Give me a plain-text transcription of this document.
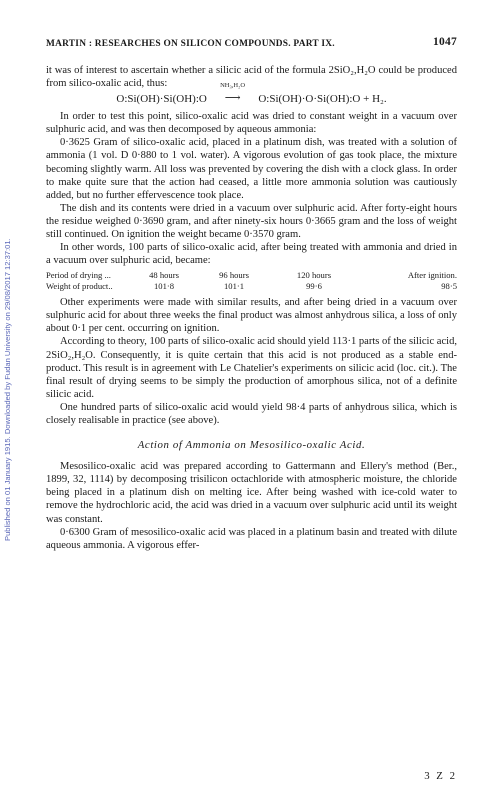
Published on 01 January 1915. Downloaded by Fudan University on 29/08/2017 12:37:01.
MARTIN : RESEARCHES ON SILICON COMPOUNDS. PART IX.	1047

it was of interest to ascertain whether a silicic acid of the formula 2SiO₂,H₂O could be produced from silico-oxalic acid, thus:

O:Si(OH)·Si(OH):O
NH₃,H₂O
⟶ O:Si(OH)·O·Si(OH):O + H₂.

In order to test this point, silico-oxalic acid was dried to constant weight in a vacuum over sulphuric acid, and was then decomposed by aqueous ammonia:

0·3625 Gram of silico-oxalic acid, placed in a platinum dish, was treated with a solution of ammonia (1 vol. D 0·880 to 1 vol. water). A vigorous evolution of gas took place, the mixture becoming slightly warm. All loss was prevented by covering the dish with a clock glass. In order to make quite sure that the action had ceased, a little more ammonia solution was cautiously added, but no further effervescence took place.

The dish and its contents were dried in a vacuum over sulphuric acid. After forty-eight hours the residue weighed 0·3690 gram, and after ninety-six hours 0·3665 gram and the loss of weight still continued. On ignition the weight became 0·3570 gram.

In other words, 100 parts of silico-oxalic acid, after being treated with ammonia and dried in a vacuum over sulphuric acid, became:

Period of drying ...	48 hours	96 hours	120 hours	After ignition.
Weight of product..	101·8	101·1	99·6	98·5

Other experiments were made with similar results, and after being dried in a vacuum over sulphuric acid for about three weeks the final product was almost anhydrous silica, a loss of only about 0·1 per cent. occurring on ignition.

According to theory, 100 parts of silico-oxalic acid should yield 113·1 parts of the silicic acid, 2SiO₂,H₂O. Consequently, it is quite certain that this acid is not produced as a stable end-product. This result is in agreement with Le Chatelier's experiments on silicic acid (loc. cit.). The final result of drying seems to be simply the production of amorphous silica, not of a definite silicic acid.

One hundred parts of silico-oxalic acid would yield 98·4 parts of anhydrous silica, which is closely realisable in practice (see above).

Action of Ammonia on Mesosilico-oxalic Acid.

Mesosilico-oxalic acid was prepared according to Gattermann and Ellery's method (Ber., 1899, 32, 1114) by decomposing trisilicon octachloride with atmospheric moisture, the chloride being placed in a platinum dish on melting ice. After being washed with ice-cold water to remove the hydrochloric acid, the acid was dried in a vacuum over sulphuric acid until its weight was constant.

0·6300 Gram of mesosilico-oxalic acid was placed in a platinum basin and treated with dilute aqueous ammonia. A vigorous effer-

3 Z 2
